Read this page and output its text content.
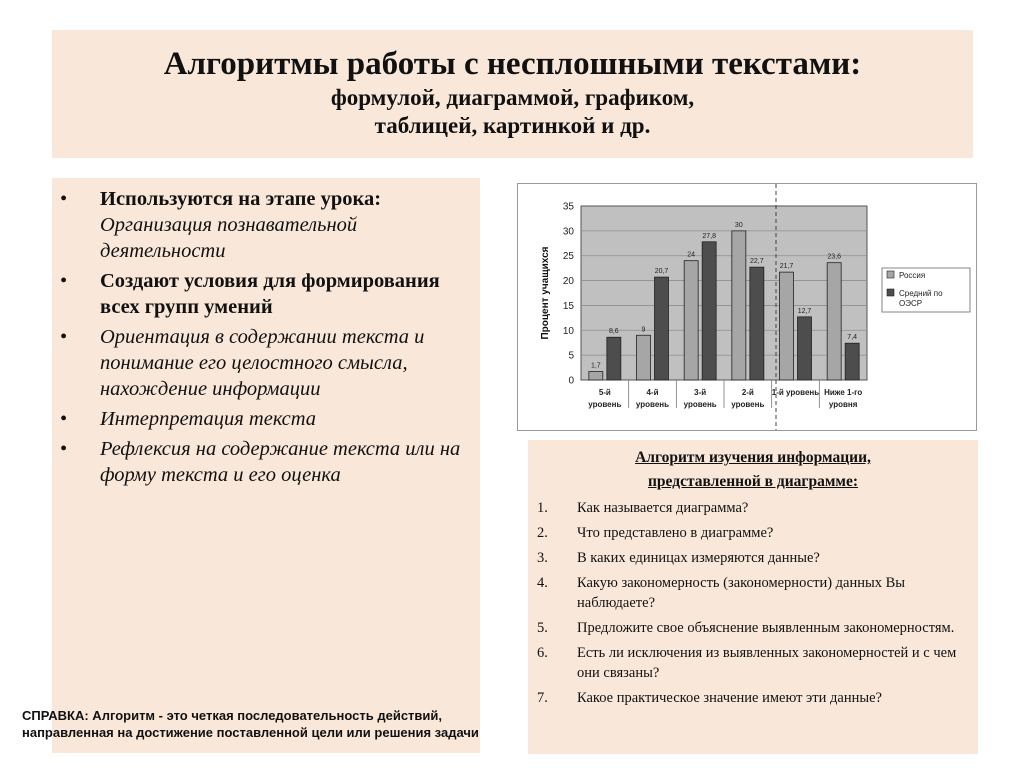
Алгоритмы работы с несплошными текстами:
формулой, диаграммой, графиком,
таблицей, картинкой и др.
• Используются на этапе урока: Организация познавательной деятельности
• Создают условия для формирования всех групп умений
• Ориентация в содержании текста и понимание его целостного смысла, нахождение информации
• Интерпретация текста
• Рефлексия на содержание текста или на форму текста и его оценка
СПРАВКА: Алгоритм - это четкая последовательность действий, направленная на достижение поставленной цели или решения задачи
0
5
10
15
20
25
30
35
Процент учащихся
1,7
8,6
5-й
уровень
9
20,7
4-й
уровень
24
27,8
3-й
уровень
30
22,7
2-й
уровень
21,7
12,7
1-й уровень
23,6
7,4
Ниже 1-го
уровня
Россия
Средний по
ОЭСР
Алгоритм изучения информации,
представленной в диаграмме:
1. Как называется диаграмма?
2. Что представлено в диаграмме?
3. В каких единицах измеряются данные?
4. Какую закономерность (закономерности) данных Вы наблюдаете?
5. Предложите свое объяснение выявленным закономерностям.
6. Есть ли исключения из выявленных закономерностей и с чем они связаны?
7. Какое практическое значение имеют эти данные?
